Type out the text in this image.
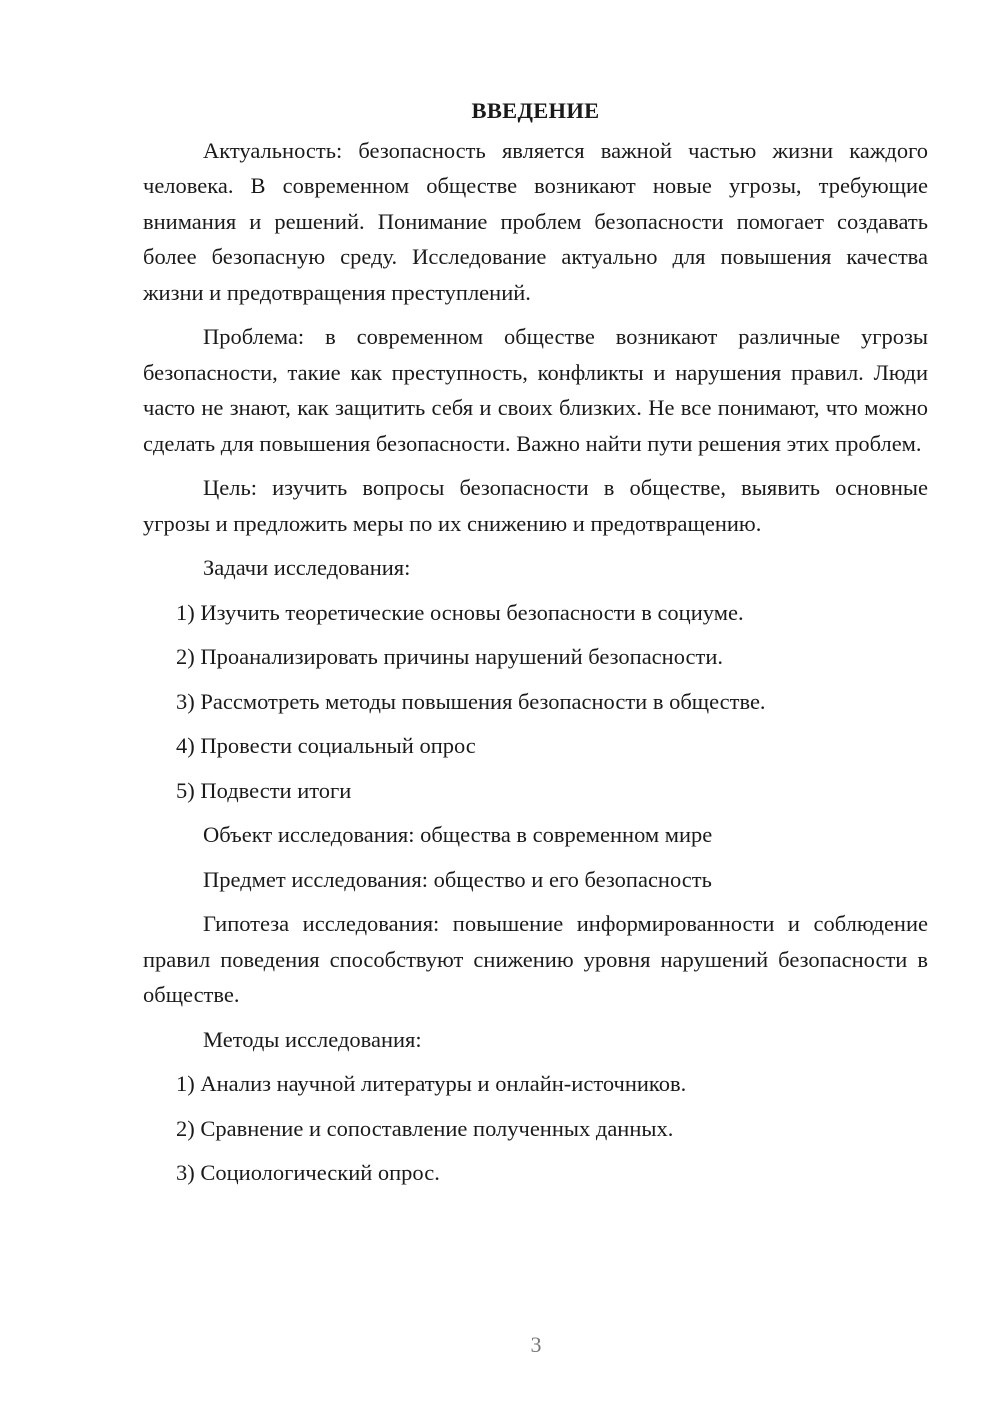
ВВЕДЕНИЕ

Актуальность: безопасность является важной частью жизни каждого человека. В современном обществе возникают новые угрозы, требующие внимания и решений. Понимание проблем безопасности помогает создавать более безопасную среду. Исследование актуально для повышения качества жизни и предотвращения преступлений.

Проблема: в современном обществе возникают различные угрозы безопасности, такие как преступность, конфликты и нарушения правил. Люди часто не знают, как защитить себя и своих близких. Не все понимают, что можно сделать для повышения безопасности. Важно найти пути решения этих проблем.

Цель: изучить вопросы безопасности в обществе, выявить основные угрозы и предложить меры по их снижению и предотвращению.

Задачи исследования:

1) Изучить теоретические основы безопасности в социуме.

2) Проанализировать причины нарушений безопасности.

3) Рассмотреть методы повышения безопасности в обществе.

4) Провести социальный опрос

5) Подвести итоги

Объект исследования: общества в современном мире

Предмет исследования: общество и его безопасность

Гипотеза исследования: повышение информированности и соблюдение правил поведения способствуют снижению уровня нарушений безопасности в обществе.

Методы исследования:

1) Анализ научной литературы и онлайн-источников.

2) Сравнение и сопоставление полученных данных.

3) Социологический опрос.

3
